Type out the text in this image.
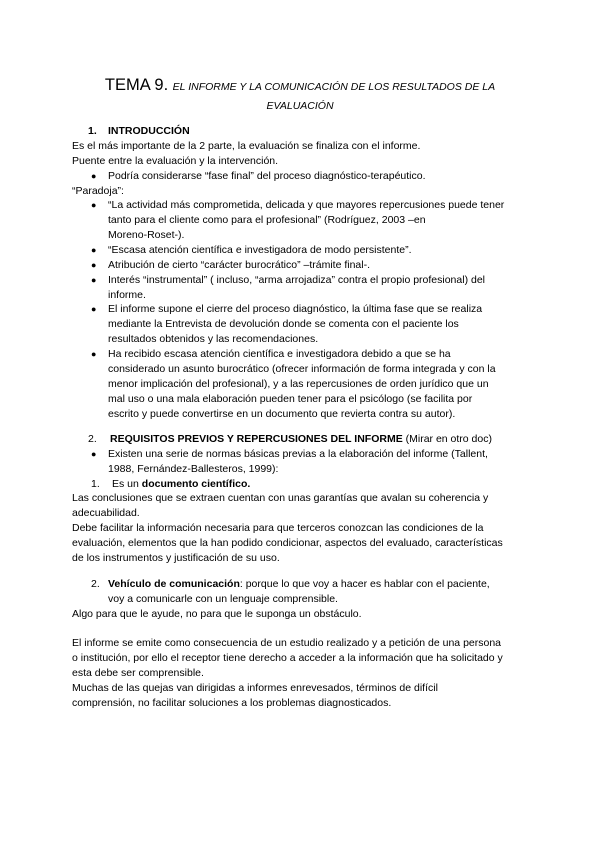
TEMA 9. EL INFORME Y LA COMUNICACIÓN DE LOS RESULTADOS DE LA
EVALUACIÓN
1. INTRODUCCIÓN
Es el más importante de la 2 parte, la evaluación se finaliza con el informe.
Puente entre la evaluación y la intervención.
● Podría considerarse “fase final” del proceso diagnóstico-terapéutico.
“Paradoja”:
● “La actividad más comprometida, delicada y que mayores repercusiones puede tener
tanto para el cliente como para el profesional” (Rodríguez, 2003 –en
Moreno-Roset-).
● “Escasa atención científica e investigadora de modo persistente”.
● Atribución de cierto “carácter burocrático” –trámite final-.
● Interés “instrumental” ( incluso, “arma arrojadiza” contra el propio profesional) del
informe.
● El informe supone el cierre del proceso diagnóstico, la última fase que se realiza
mediante la Entrevista de devolución donde se comenta con el paciente los
resultados obtenidos y las recomendaciones.
● Ha recibido escasa atención científica e investigadora debido a que se ha
considerado un asunto burocrático (ofrecer información de forma integrada y con la
menor implicación del profesional), y a las repercusiones de orden jurídico que un
mal uso o una mala elaboración pueden tener para el psicólogo (se facilita por
escrito y puede convertirse en un documento que revierta contra su autor).
2. REQUISITOS PREVIOS Y REPERCUSIONES DEL INFORME (Mirar en otro doc)
● Existen una serie de normas básicas previas a la elaboración del informe (Tallent,
1988, Fernández-Ballesteros, 1999):
1. Es un documento científico.
Las conclusiones que se extraen cuentan con unas garantías que avalan su coherencia y
adecuabilidad.
Debe facilitar la información necesaria para que terceros conozcan las condiciones de la
evaluación, elementos que la han podido condicionar, aspectos del evaluado, características
de los instrumentos y justificación de su uso.
2. Vehículo de comunicación: porque lo que voy a hacer es hablar con el paciente,
voy a comunicarle con un lenguaje comprensible.
Algo para que le ayude, no para que le suponga un obstáculo.
El informe se emite como consecuencia de un estudio realizado y a petición de una persona
o institución, por ello el receptor tiene derecho a acceder a la información que ha solicitado y
esta debe ser comprensible.
Muchas de las quejas van dirigidas a informes enrevesados, términos de difícil
comprensión, no facilitar soluciones a los problemas diagnosticados.
